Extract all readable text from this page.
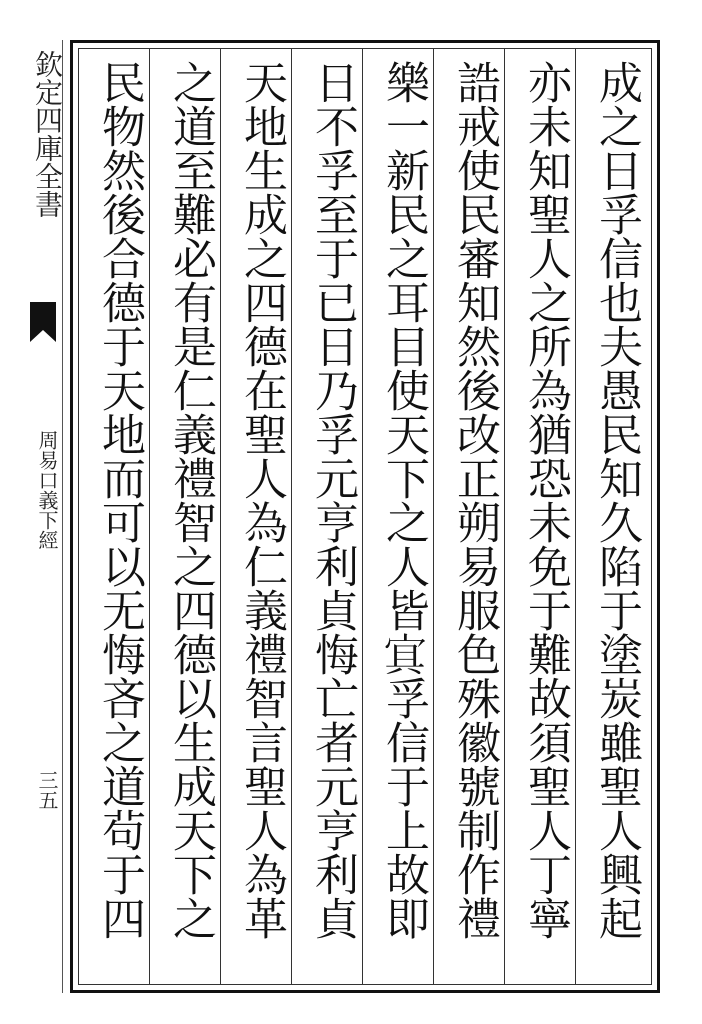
欽定四庫全書
周易口義下經
三五	成之日孚信也夫愚民知久陷于塗炭雖聖人興起
亦未知聖人之所為猶恐未免于難故須聖人丁寧
誥戒使民審知然後改正朔易服色殊徽號制作禮
樂一新民之耳目使天下之人皆𡨋孚信于上故即
日不孚至于已日乃孚元亨利貞悔亡者元亨利貞
天地生成之四德在聖人為仁義禮智言聖人為革
之道至難必有是仁義禮智之四德以生成天下之
民物然後合德于天地而可以无悔吝之道茍于四
